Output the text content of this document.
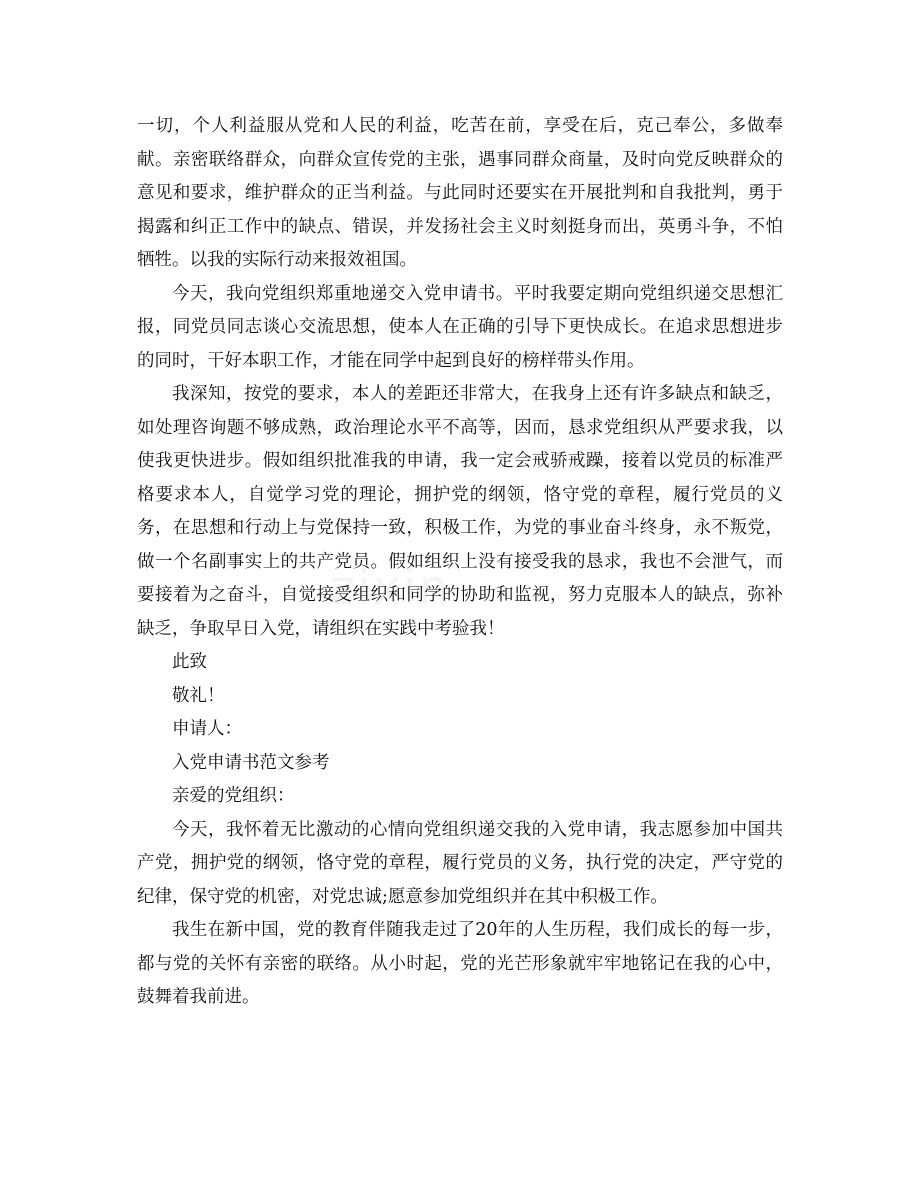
一切，个人利益服从党和人民的利益，吃苦在前，享受在后，克己奉公，多做奉献。亲密联络群众，向群众宣传党的主张，遇事同群众商量，及时向党反映群众的意见和要求，维护群众的正当利益。与此同时还要实在开展批判和自我批判，勇于揭露和纠正工作中的缺点、错误，并发扬社会主义时刻挺身而出，英勇斗争，不怕牺牲。以我的实际行动来报效祖国。

今天，我向党组织郑重地递交入党申请书。平时我要定期向党组织递交思想汇报，同党员同志谈心交流思想，使本人在正确的引导下更快成长。在追求思想进步的同时，干好本职工作，才能在同学中起到良好的榜样带头作用。

我深知，按党的要求，本人的差距还非常大，在我身上还有许多缺点和缺乏，如处理咨询题不够成熟，政治理论水平不高等，因而，恳求党组织从严要求我，以使我更快进步。假如组织批准我的申请，我一定会戒骄戒躁，接着以党员的标准严格要求本人，自觉学习党的理论，拥护党的纲领，恪守党的章程，履行党员的义务，在思想和行动上与党保持一致，积极工作，为党的事业奋斗终身，永不叛党，做一个名副事实上的共产党员。假如组织上没有接受我的恳求，我也不会泄气，而要接着为之奋斗，自觉接受组织和同学的协助和监视，努力克服本人的缺点，弥补缺乏，争取早日入党，请组织在实践中考验我！

此致

敬礼！

申请人：

入党申请书范文参考

亲爱的党组织：

今天，我怀着无比激动的心情向党组织递交我的入党申请，我志愿参加中国共产党，拥护党的纲领，恪守党的章程，履行党员的义务，执行党的决定，严守党的纪律，保守党的机密，对党忠诚;愿意参加党组织并在其中积极工作。

我生在新中国，党的教育伴随我走过了20年的人生历程，我们成长的每一步，都与党的关怀有亲密的联络。从小时起，党的光芒形象就牢牢地铭记在我的心中，鼓舞着我前进。
